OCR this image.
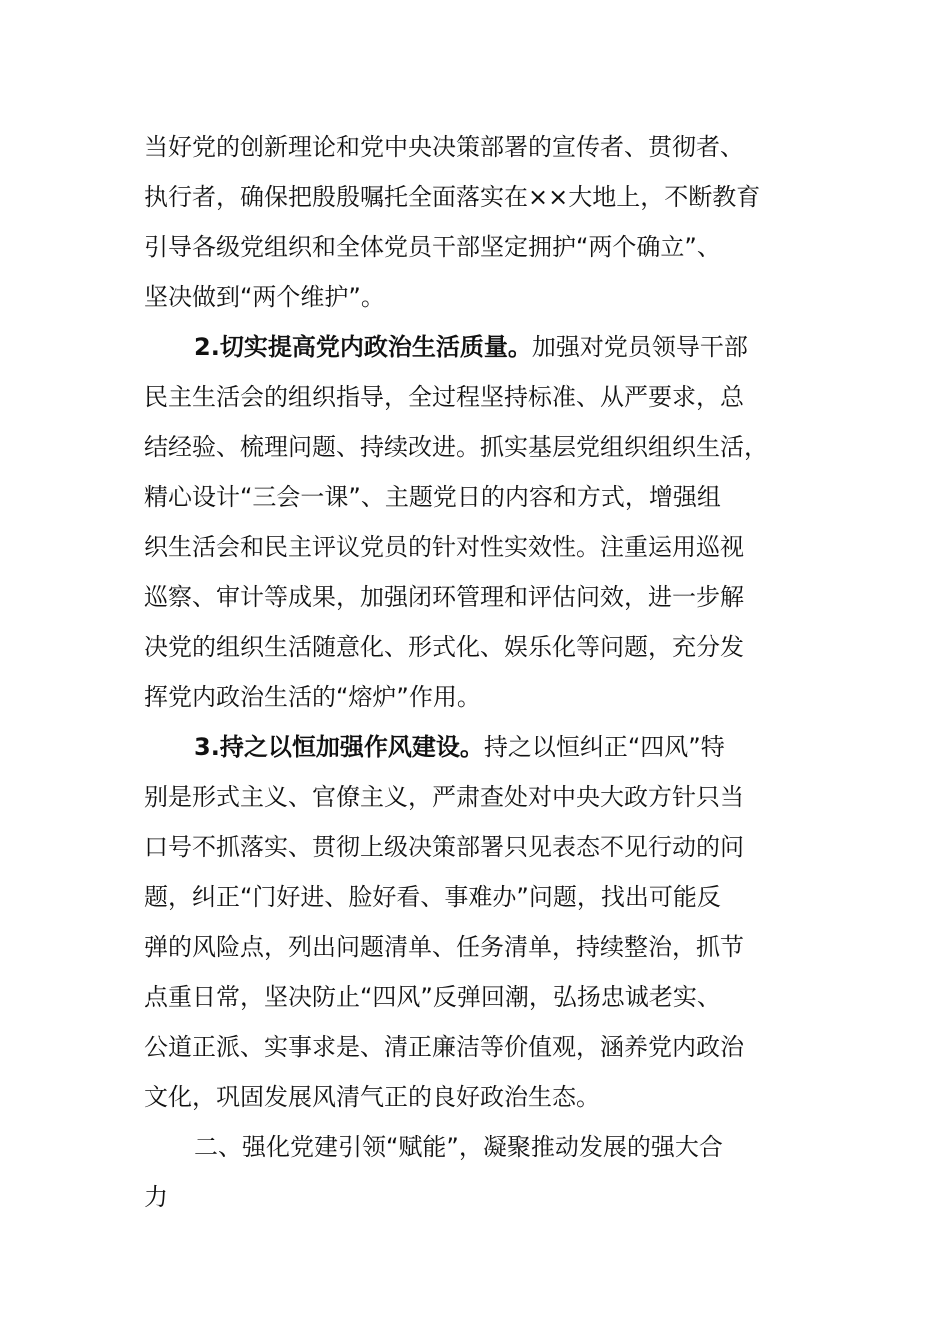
当好党的创新理论和党中央决策部署的宣传者、贯彻者、
执行者，确保把殷殷嘱托全面落实在××大地上，不断教育
引导各级党组织和全体党员干部坚定拥护“两个确立”、
坚决做到“两个维护”。
2.切实提高党内政治生活质量。加强对党员领导干部
民主生活会的组织指导，全过程坚持标准、从严要求，总
结经验、梳理问题、持续改进。抓实基层党组织组织生活，
精心设计“三会一课”、主题党日的内容和方式，增强组
织生活会和民主评议党员的针对性实效性。注重运用巡视
巡察、审计等成果，加强闭环管理和评估问效，进一步解
决党的组织生活随意化、形式化、娱乐化等问题，充分发
挥党内政治生活的“熔炉”作用。
3.持之以恒加强作风建设。持之以恒纠正“四风”特
别是形式主义、官僚主义，严肃查处对中央大政方针只当
口号不抓落实、贯彻上级决策部署只见表态不见行动的问
题，纠正“门好进、脸好看、事难办”问题，找出可能反
弹的风险点，列出问题清单、任务清单，持续整治，抓节
点重日常，坚决防止“四风”反弹回潮，弘扬忠诚老实、
公道正派、实事求是、清正廉洁等价值观，涵养党内政治
文化，巩固发展风清气正的良好政治生态。
二、强化党建引领“赋能”，凝聚推动发展的强大合
力
